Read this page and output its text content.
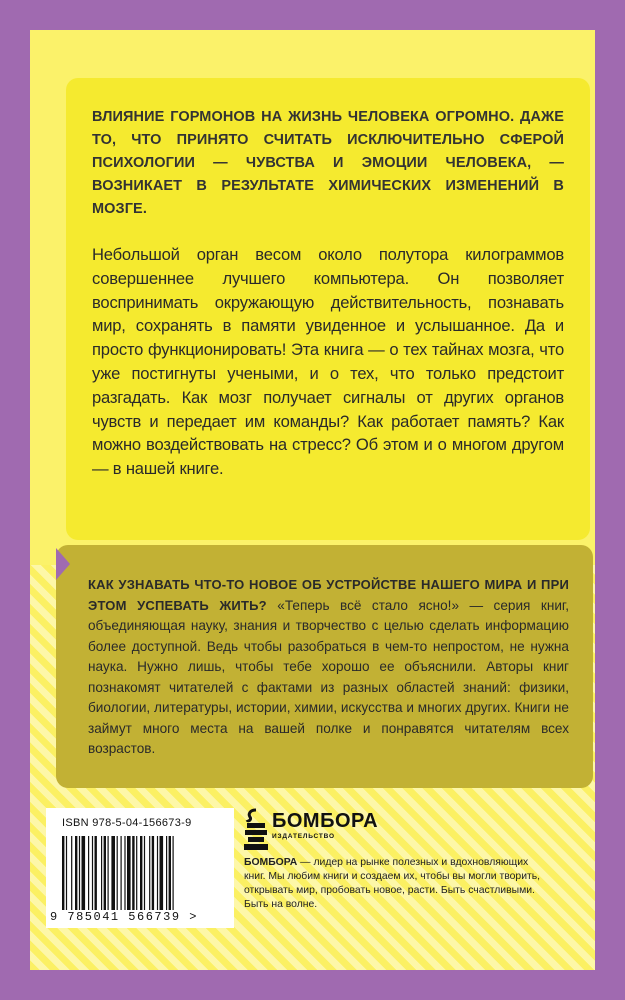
ВЛИЯНИЕ ГОРМОНОВ НА ЖИЗНЬ ЧЕЛОВЕКА ОГРОМНО. ДАЖЕ ТО, ЧТО ПРИНЯТО СЧИТАТЬ ИСКЛЮЧИТЕЛЬНО СФЕРОЙ ПСИХОЛОГИИ — ЧУВСТВА И ЭМОЦИИ ЧЕЛОВЕКА, — ВОЗНИКАЕТ В РЕЗУЛЬТАТЕ ХИМИЧЕСКИХ ИЗМЕНЕНИЙ В МОЗГЕ.

Небольшой орган весом около полутора килограммов совершеннее лучшего компьютера. Он позволяет воспринимать окружающую действительность, познавать мир, сохранять в памяти увиденное и услышанное. Да и просто функционировать! Эта книга — о тех тайнах мозга, что уже постигнуты учеными, и о тех, что только предстоит разгадать. Как мозг получает сигналы от других органов чувств и передает им команды? Как работает память? Как можно воздействовать на стресс? Об этом и о многом другом — в нашей книге.

КАК УЗНАВАТЬ ЧТО-ТО НОВОЕ ОБ УСТРОЙСТВЕ НАШЕГО МИРА И ПРИ ЭТОМ УСПЕВАТЬ ЖИТЬ? «Теперь всё стало ясно!» — серия книг, объединяющая науку, знания и творчество с целью сделать информацию более доступной. Ведь чтобы разобраться в чем-то непростом, не нужна наука. Нужно лишь, чтобы тебе хорошо ее объяснили. Авторы книг познакомят читателей с фактами из разных областей знаний: физики, биологии, литературы, истории, химии, искусства и многих других. Книги не займут много места на вашей полке и понравятся читателям всех возрастов.

ISBN 978-5-04-156673-9
9 785041 566739 >
БОМБОРА
ИЗДАТЕЛЬСТВО

БОМБОРА — лидер на рынке полезных и вдохновляющих книг. Мы любим книги и создаем их, чтобы вы могли творить, открывать мир, пробовать новое, расти. Быть счастливыми. Быть на волне.
